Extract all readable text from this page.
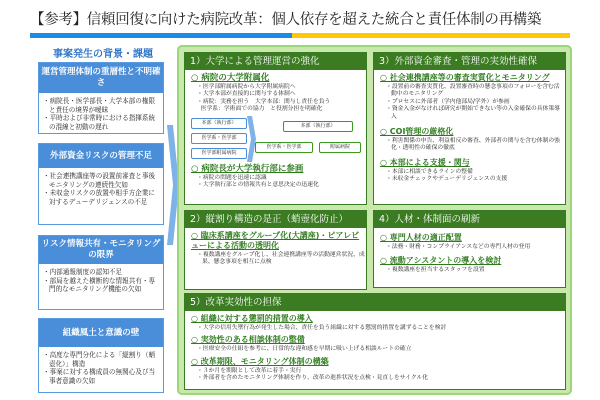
【参考】信頼回復に向けた病院改革：個人依存を超えた統合と責任体制の再構築
事案発生の背景・課題
運営管理体制の重層性と不明確さ
・病院長・医学部長・大学本部の権限と責任の境界が曖昧
・平時および非常時における指揮系統の混線と初動の遅れ
外部資金リスクの管理不足
・社会連携講座等の設置前審査と事後モニタリングの連続性欠如
・未収金リスクの放置や相手方企業に対するデューデリジェンスの不足
リスク情報共有・モニタリングの限界
・内部通報制度の認知不足
・部局を越えた横断的な情報共有・専門的なモニタリング機能の欠如
組織風土と意識の壁
・高度な専門分化による「縦割り（蛸壺化）」構造
・事案に対する構成員の無関心及び当事者意識の欠如
1）大学による管理運営の強化
○ 病院の大学附属化
・医学部附属病院から大学附属病院へ
・大学本部が直接的に関与する体制へ
・病院：実務を担う　大学本部：関与し責任を負う
医学系：学術面での協力　と役割分担を明確化
本部（執行部）
医学系・医学部
医学部附属病院
本部（執行部）
医学系・医学部	附属病院
○ 病院長が大学執行部に参画
・病院の問題を迅速に認識
・大学執行部との情報共有と意思決定の迅速化
2）縦割り構造の是正（蛸壺化防止）
○ 臨床系講座をグループ化(大講座)・ピアレビューによる活動の透明化
・複数講座をグループ化し、社会連携講座等の活動運営状況、成果、懸念事項を相互に点検
3）外部資金審査・管理の実効性確保
○ 社会連携講座等の審査実質化とモニタリング
・設置前の審査実質化、設置審査時の懸念事項のフォローを含む活動中のモニタリング
・プロセスに外部者（学内他部局/学外）が参画
・資金入金がなければ研究が開始できない等の入金確保の具体策導入
○ COI管理の厳格化
・利害関係の申告、利益相反の審査、外部者の関与を含む体制の強化・透明性の確保の徹底
○ 本部による支援・関与
・本部に相談できるラインの整備
・未収金チェックやデューデリジェンスの支援
4）人材・体制面の刷新
○ 専門人材の適正配置
・法務・財務・コンプライアンスなどの専門人材の登用
○ 流動アシスタントの導入を検討
・複数講座を担当するスタッフを設置
5）改革実効性の担保
○ 組織に対する懲罰的措置の導入
・大学の信用失墜行為が発生した場合、責任を負う組織に対する懲罰的措置を講ずることを検討
○ 実効性のある相談体制の整備
・医療安全の仕組を参考に、日常的な違和感を早期に吸い上げる相談ルートの確立
○ 改革期限、モニタリング体制の構築
・３か月を期限として改革に着手・実行
・外部者を含めたモニタリング体制を作り、改革の進捗状況を点検・見直しをサイクル化
